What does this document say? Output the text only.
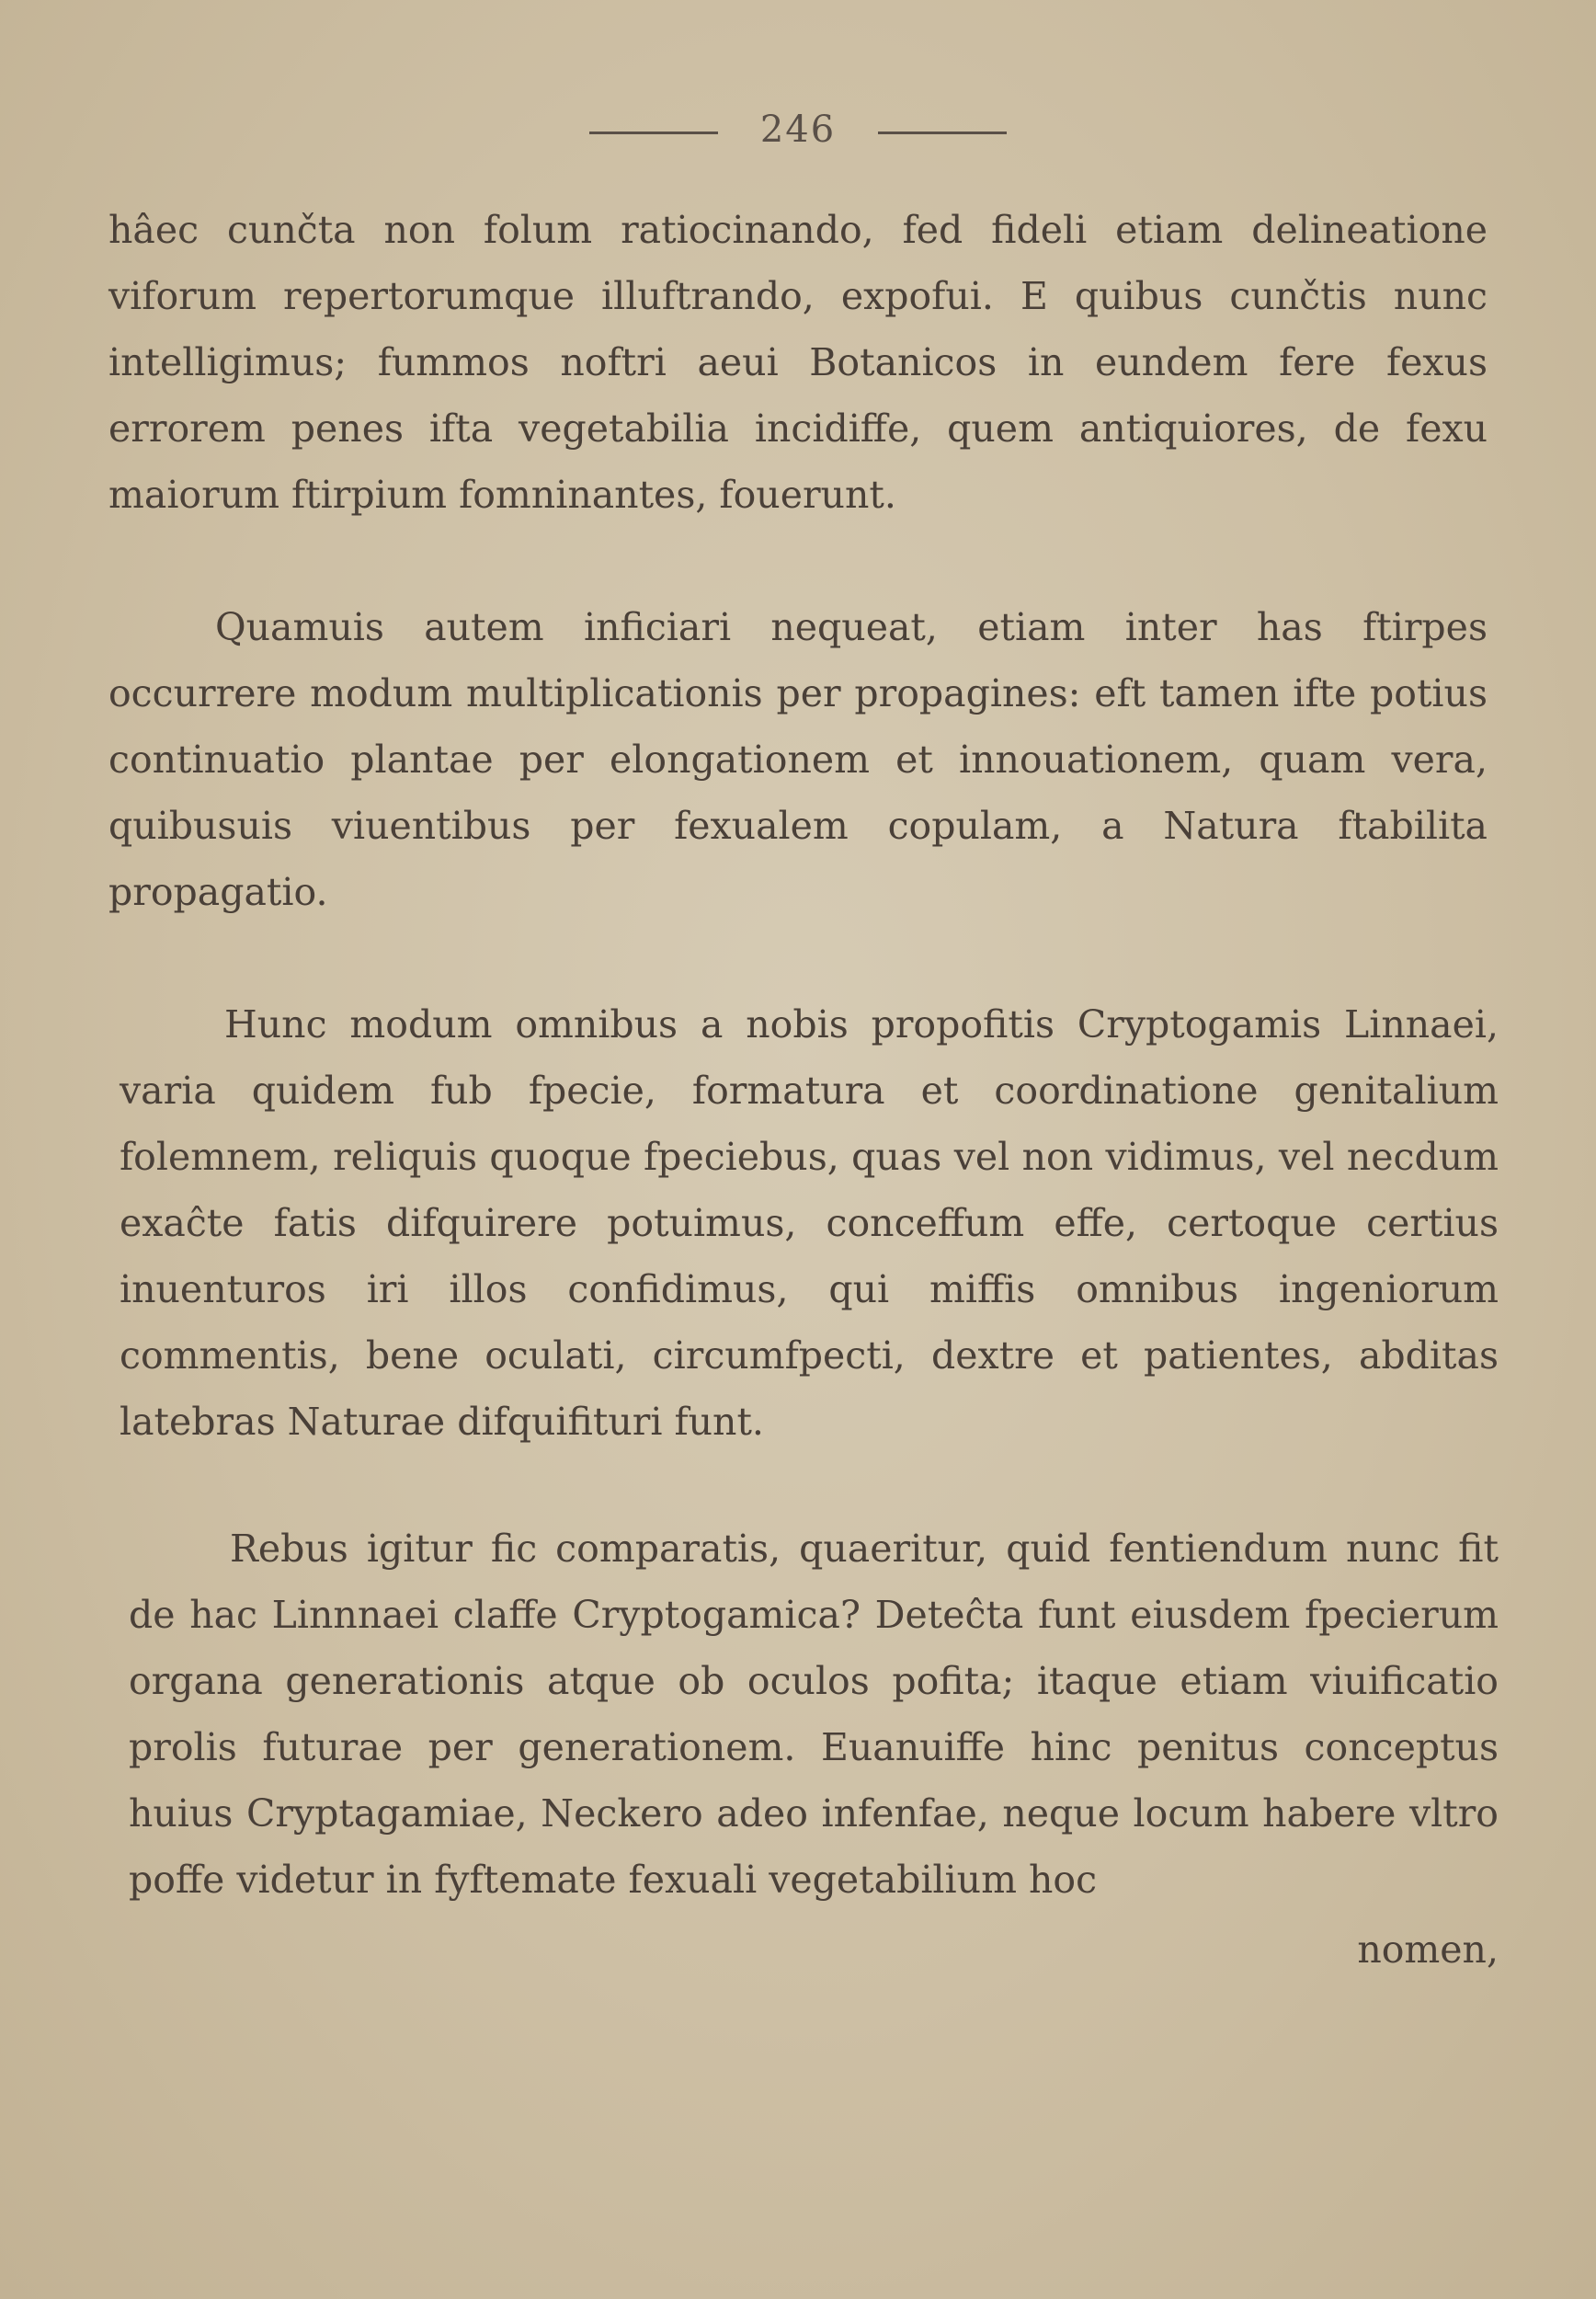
246
hâec cunčta non folum ratiocinando, fed fideli etiam delineatione viforum repertorumque illuftrando, expofui. E quibus cunčtis nunc intelligimus; fummos noftri aeui Botanicos in eundem fere fexus errorem penes ifta vegetabilia incidiffe, quem antiquiores, de fexu maiorum ftirpium fomninantes, fouerunt.
Quamuis autem inficiari nequeat, etiam inter has ftirpes occurrere modum multiplicationis per propagines: eft tamen ifte potius continuatio plantae per elongationem et innouationem, quam vera, quibusuis viuentibus per fexualem copulam, a Natura ftabilita propagatio.
Hunc modum omnibus a nobis propofitis Cryptogamis Linnaei, varia quidem fub fpecie, formatura et coordinatione genitalium folemnem, reliquis quoque fpeciebus, quas vel non vidimus, vel necdum exaĉte fatis difquirere potuimus, conceffum effe, certoque certius inuenturos iri illos confidimus, qui miffis omnibus ingeniorum commentis, bene oculati, circumfpecti, dextre et patientes, abditas latebras Naturae difquifituri funt.
Rebus igitur fic comparatis, quaeritur, quid fentiendum nunc fit de hac Linnnaei claffe Cryptogamica? Deteĉta funt eiusdem fpecierum organa generationis atque ob oculos pofita; itaque etiam viuificatio prolis futurae per generationem. Euanuiffe hinc penitus conceptus huius Cryptagamiae, Neckero adeo infenfae, neque locum habere vltro poffe videtur in fyftemate fexuali vegetabilium hoc
nomen,
